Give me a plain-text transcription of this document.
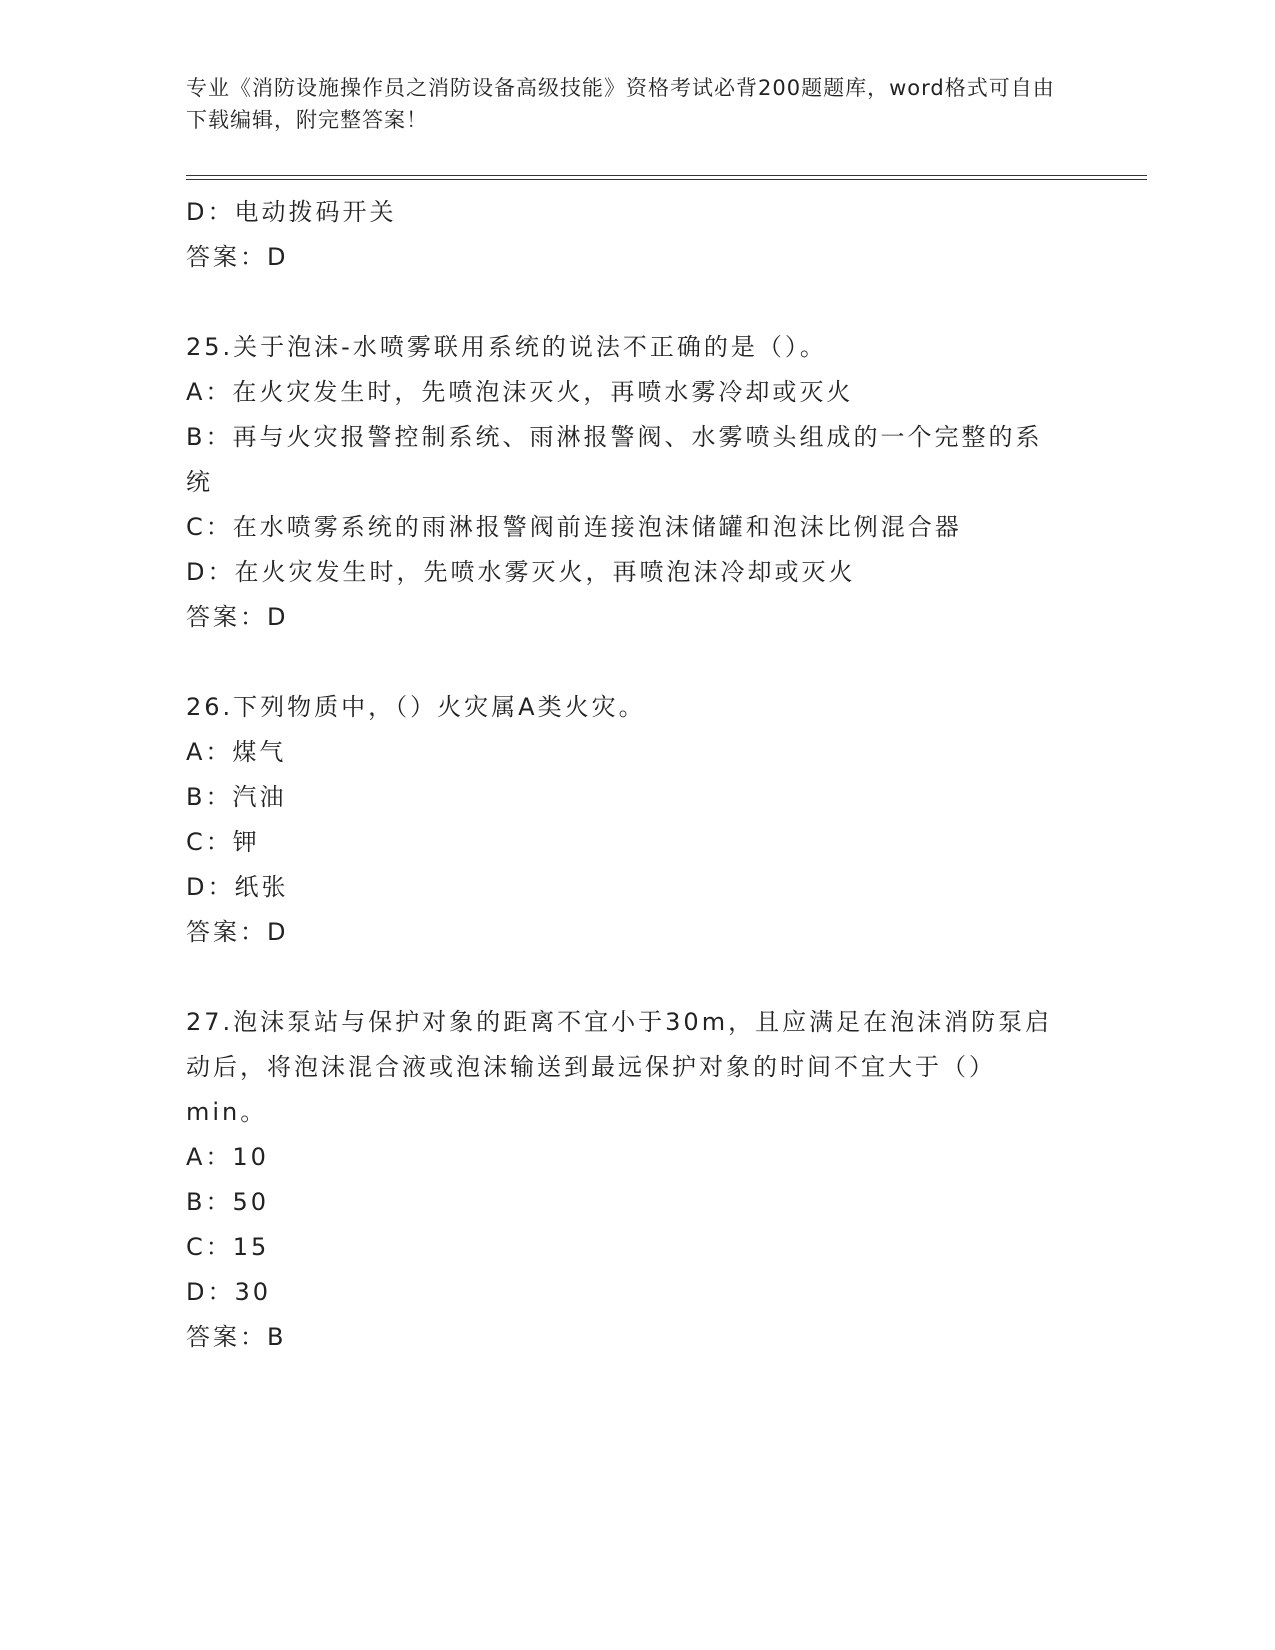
专业《消防设施操作员之消防设备高级技能》资格考试必背200题题库，word格式可自由下载编辑，附完整答案！
D：电动拨码开关
答案：D
25.关于泡沫-水喷雾联用系统的说法不正确的是（）。
A：在火灾发生时，先喷泡沫灭火，再喷水雾冷却或灭火
B：再与火灾报警控制系统、雨淋报警阀、水雾喷头组成的一个完整的系统
C：在水喷雾系统的雨淋报警阀前连接泡沫储罐和泡沫比例混合器
D：在火灾发生时，先喷水雾灭火，再喷泡沫冷却或灭火
答案：D
26.下列物质中，（）火灾属A类火灾。
A：煤气
B：汽油
C：钾
D：纸张
答案：D
27.泡沫泵站与保护对象的距离不宜小于30m，且应满足在泡沫消防泵启动后，将泡沫混合液或泡沫输送到最远保护对象的时间不宜大于（）min。
A：10
B：50
C：15
D：30
答案：B
